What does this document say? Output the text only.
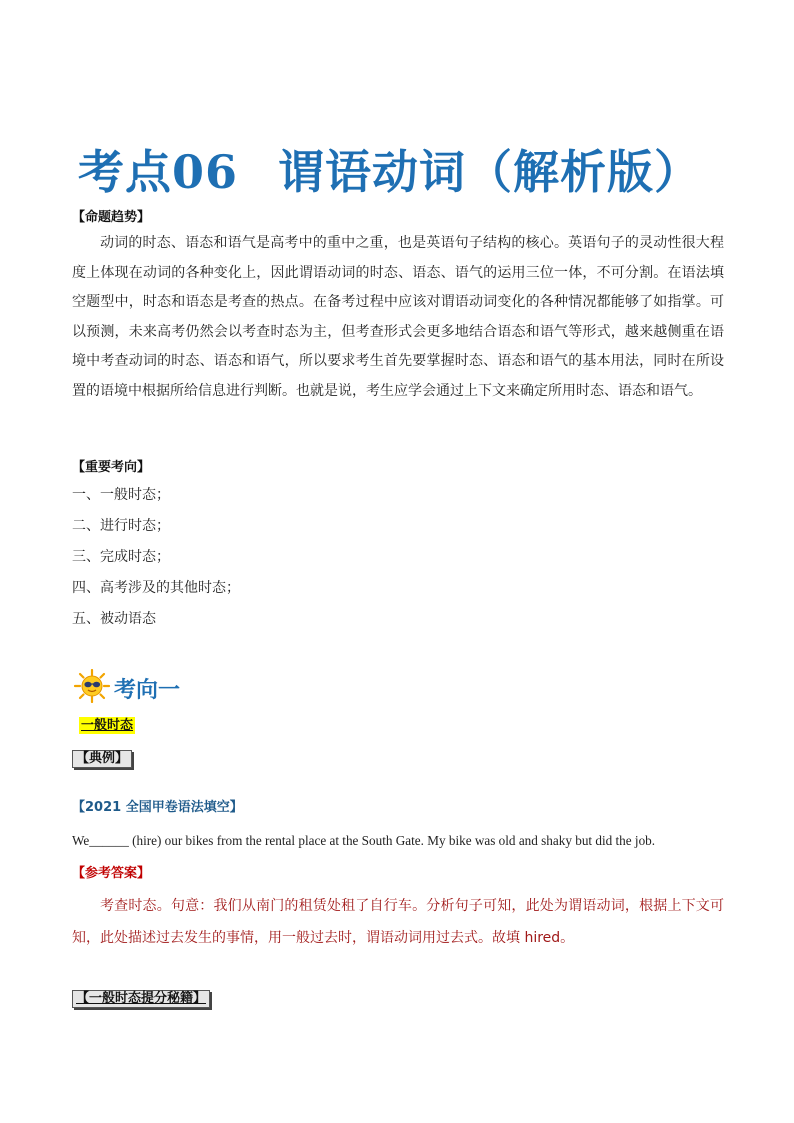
考点06 谓语动词（解析版）
【命题趋势】
动词的时态、语态和语气是高考中的重中之重，也是英语句子结构的核心。英语句子的灵动性很大程度上体现在动词的各种变化上，因此谓语动词的时态、语态、语气的运用三位一体，不可分割。在语法填空题型中，时态和语态是考查的热点。在备考过程中应该对谓语动词变化的各种情况都能够了如指掌。可以预测，未来高考仍然会以考查时态为主，但考查形式会更多地结合语态和语气等形式，越来越侧重在语境中考查动词的时态、语态和语气，所以要求考生首先要掌握时态、语态和语气的基本用法，同时在所设置的语境中根据所给信息进行判断。也就是说，考生应学会通过上下文来确定所用时态、语态和语气。
【重要考向】
一、一般时态；
二、进行时态；
三、完成时态；
四、高考涉及的其他时态；
五、被动语态
考向一
一般时态
【典例】
【2021 全国甲卷语法填空】
We______ (hire) our bikes from the rental place at the South Gate. My bike was old and shaky but did the job.
【参考答案】
考查时态。句意：我们从南门的租赁处租了自行车。分析句子可知，此处为谓语动词，根据上下文可知，此处描述过去发生的事情，用一般过去时，谓语动词用过去式。故填 hired。
【一般时态提分秘籍】
